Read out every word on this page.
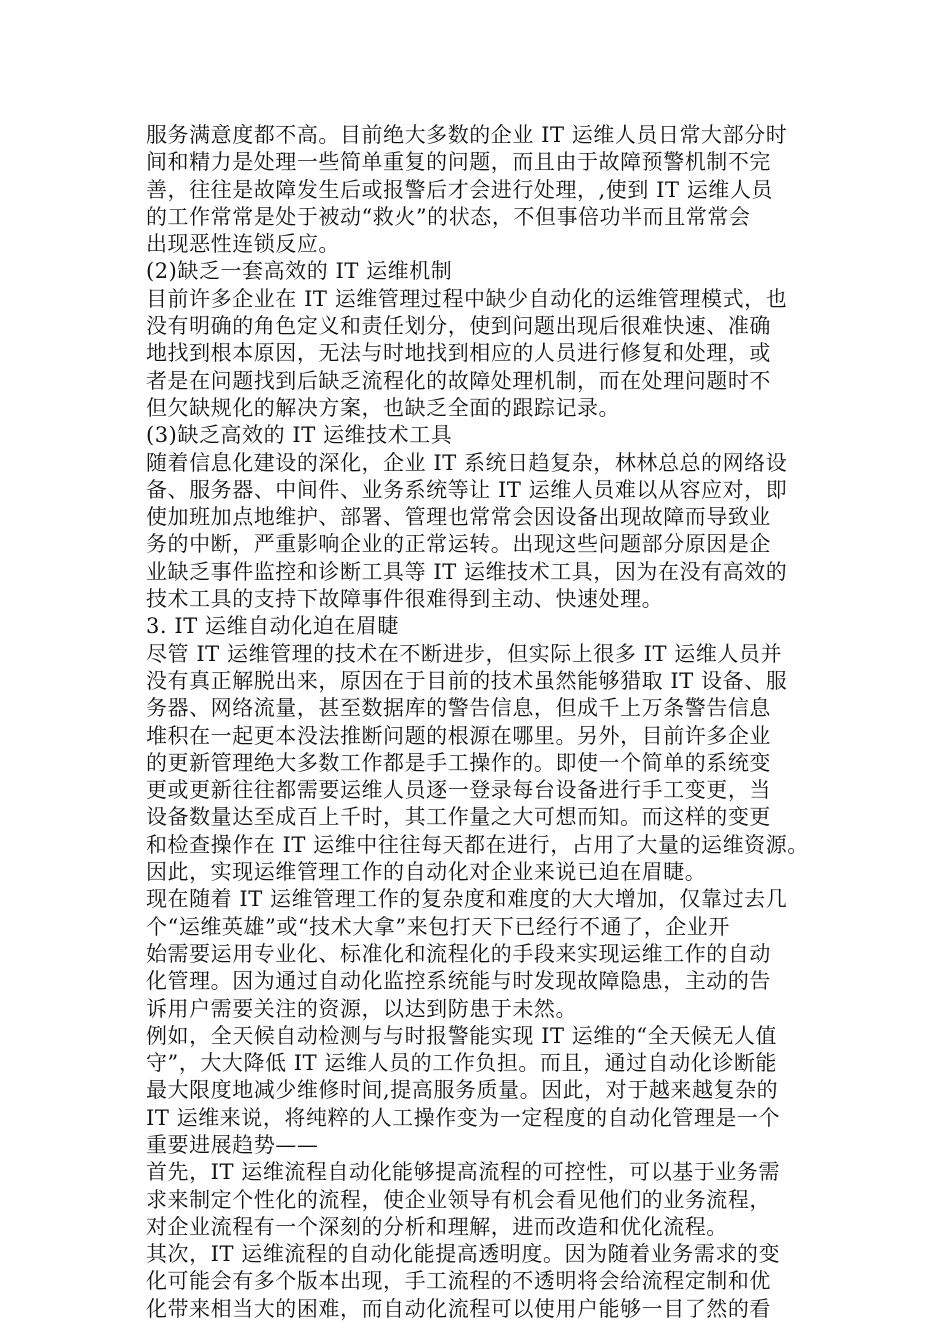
服务满意度都不高。目前绝大多数的企业 IT 运维人员日常大部分时
间和精力是处理一些简单重复的问题，而且由于故障预警机制不完
善，往往是故障发生后或报警后才会进行处理，,使到 IT 运维人员
的工作常常是处于被动“救火”的状态，不但事倍功半而且常常会
出现恶性连锁反应。
(2)缺乏一套高效的 IT 运维机制
目前许多企业在 IT 运维管理过程中缺少自动化的运维管理模式，也
没有明确的角色定义和责任划分，使到问题出现后很难快速、准确
地找到根本原因，无法与时地找到相应的人员进行修复和处理，或
者是在问题找到后缺乏流程化的故障处理机制，而在处理问题时不
但欠缺规化的解决方案，也缺乏全面的跟踪记录。
(3)缺乏高效的 IT 运维技术工具
随着信息化建设的深化，企业 IT 系统日趋复杂，林林总总的网络设
备、服务器、中间件、业务系统等让 IT 运维人员难以从容应对，即
使加班加点地维护、部署、管理也常常会因设备出现故障而导致业
务的中断，严重影响企业的正常运转。出现这些问题部分原因是企
业缺乏事件监控和诊断工具等 IT 运维技术工具，因为在没有高效的
技术工具的支持下故障事件很难得到主动、快速处理。
3. IT 运维自动化迫在眉睫
尽管 IT 运维管理的技术在不断进步，但实际上很多 IT 运维人员并
没有真正解脱出来，原因在于目前的技术虽然能够猎取 IT 设备、服
务器、网络流量，甚至数据库的警告信息，但成千上万条警告信息
堆积在一起更本没法推断问题的根源在哪里。另外，目前许多企业
的更新管理绝大多数工作都是手工操作的。即使一个简单的系统变
更或更新往往都需要运维人员逐一登录每台设备进行手工变更，当
设备数量达至成百上千时，其工作量之大可想而知。而这样的变更
和检查操作在 IT 运维中往往每天都在进行，占用了大量的运维资源。
因此，实现运维管理工作的自动化对企业来说已迫在眉睫。
现在随着 IT 运维管理工作的复杂度和难度的大大增加，仅靠过去几
个“运维英雄”或“技术大拿”来包打天下已经行不通了，企业开
始需要运用专业化、标准化和流程化的手段来实现运维工作的自动
化管理。因为通过自动化监控系统能与时发现故障隐患，主动的告
诉用户需要关注的资源，以达到防患于未然。
例如，全天候自动检测与与时报警能实现 IT 运维的“全天候无人值
守”，大大降低 IT 运维人员的工作负担。而且，通过自动化诊断能
最大限度地减少维修时间,提高服务质量。因此，对于越来越复杂的
IT 运维来说，将纯粹的人工操作变为一定程度的自动化管理是一个
重要进展趋势——
首先，IT 运维流程自动化能够提高流程的可控性，可以基于业务需
求来制定个性化的流程，使企业领导有机会看见他们的业务流程，
对企业流程有一个深刻的分析和理解，进而改造和优化流程。
其次，IT 运维流程的自动化能提高透明度。因为随着业务需求的变
化可能会有多个版本出现，手工流程的不透明将会给流程定制和优
化带来相当大的困难，而自动化流程可以使用户能够一目了然的看
